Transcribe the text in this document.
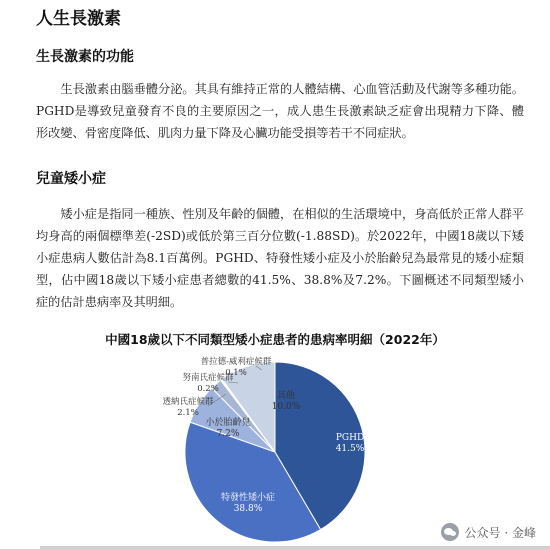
人生長激素
生長激素的功能
生長激素由腦垂體分泌。其具有維持正常的人體結構、心血管活動及代謝等多種功能。PGHD是導致兒童發育不良的主要原因之一，成人患生長激素缺乏症會出現精力下降、體形改變、骨密度降低、肌肉力量下降及心臟功能受損等若干不同症狀。
兒童矮小症
矮小症是指同一種族、性別及年齡的個體，在相似的生活環境中，身高低於正常人群平均身高的兩個標準差(-2SD)或低於第三百分位數(-1.88SD)。於2022年，中國18歲以下矮小症患病人數估計為8.1百萬例。PGHD、特發性矮小症及小於胎齡兒為最常見的矮小症類型，佔中國18歲以下矮小症患者總數的41.5%、38.8%及7.2%。下圖概述不同類型矮小症的估計患病率及其明細。
中國18歲以下不同類型矮小症患者的患病率明細（2022年）
PGHD
41.5%
特發性矮小症
38.8%
小於胎齡兒
7.2%
透納氏症候群
2.1%
努南氏症候群
0.2%
普拉德-威利症候群
0.1%
其他
10.0%
公众号 · 金峰
